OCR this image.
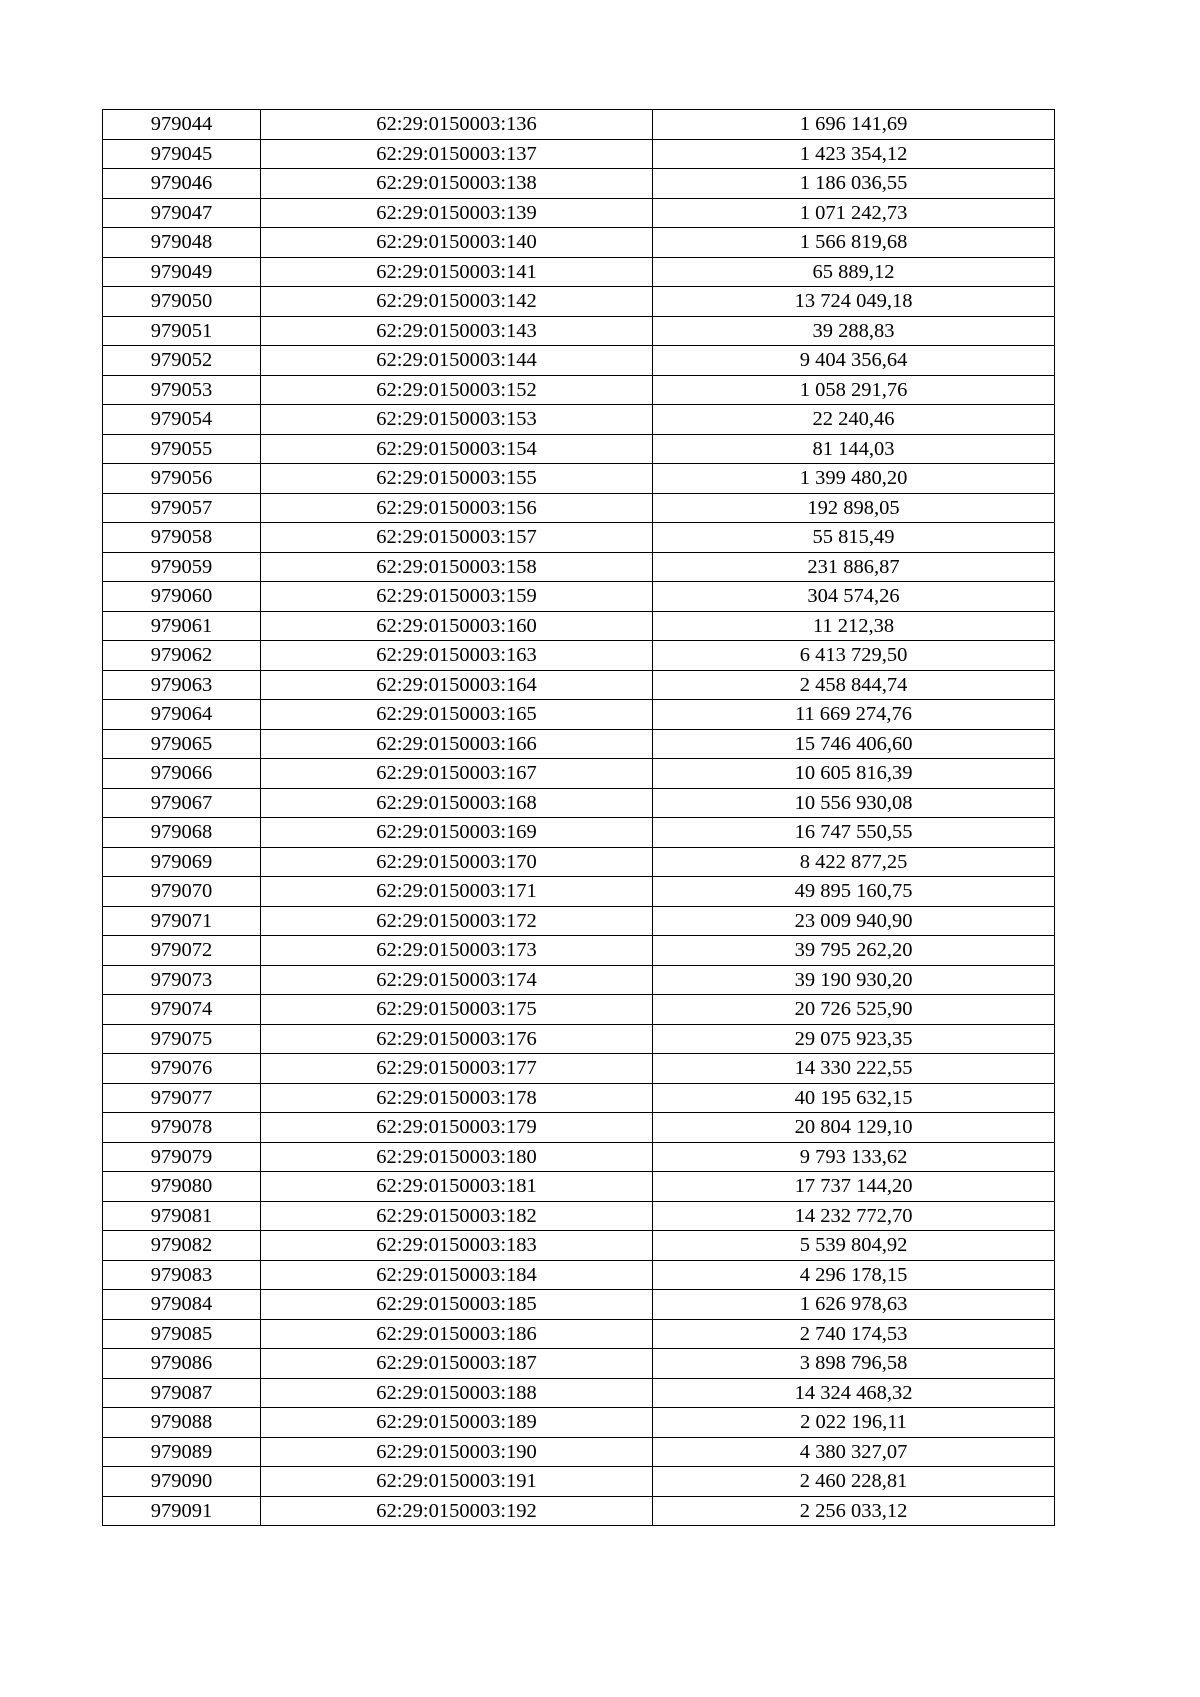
979044	62:29:0150003:136	1 696 141,69
979045	62:29:0150003:137	1 423 354,12
979046	62:29:0150003:138	1 186 036,55
979047	62:29:0150003:139	1 071 242,73
979048	62:29:0150003:140	1 566 819,68
979049	62:29:0150003:141	65 889,12
979050	62:29:0150003:142	13 724 049,18
979051	62:29:0150003:143	39 288,83
979052	62:29:0150003:144	9 404 356,64
979053	62:29:0150003:152	1 058 291,76
979054	62:29:0150003:153	22 240,46
979055	62:29:0150003:154	81 144,03
979056	62:29:0150003:155	1 399 480,20
979057	62:29:0150003:156	192 898,05
979058	62:29:0150003:157	55 815,49
979059	62:29:0150003:158	231 886,87
979060	62:29:0150003:159	304 574,26
979061	62:29:0150003:160	11 212,38
979062	62:29:0150003:163	6 413 729,50
979063	62:29:0150003:164	2 458 844,74
979064	62:29:0150003:165	11 669 274,76
979065	62:29:0150003:166	15 746 406,60
979066	62:29:0150003:167	10 605 816,39
979067	62:29:0150003:168	10 556 930,08
979068	62:29:0150003:169	16 747 550,55
979069	62:29:0150003:170	8 422 877,25
979070	62:29:0150003:171	49 895 160,75
979071	62:29:0150003:172	23 009 940,90
979072	62:29:0150003:173	39 795 262,20
979073	62:29:0150003:174	39 190 930,20
979074	62:29:0150003:175	20 726 525,90
979075	62:29:0150003:176	29 075 923,35
979076	62:29:0150003:177	14 330 222,55
979077	62:29:0150003:178	40 195 632,15
979078	62:29:0150003:179	20 804 129,10
979079	62:29:0150003:180	9 793 133,62
979080	62:29:0150003:181	17 737 144,20
979081	62:29:0150003:182	14 232 772,70
979082	62:29:0150003:183	5 539 804,92
979083	62:29:0150003:184	4 296 178,15
979084	62:29:0150003:185	1 626 978,63
979085	62:29:0150003:186	2 740 174,53
979086	62:29:0150003:187	3 898 796,58
979087	62:29:0150003:188	14 324 468,32
979088	62:29:0150003:189	2 022 196,11
979089	62:29:0150003:190	4 380 327,07
979090	62:29:0150003:191	2 460 228,81
979091	62:29:0150003:192	2 256 033,12
